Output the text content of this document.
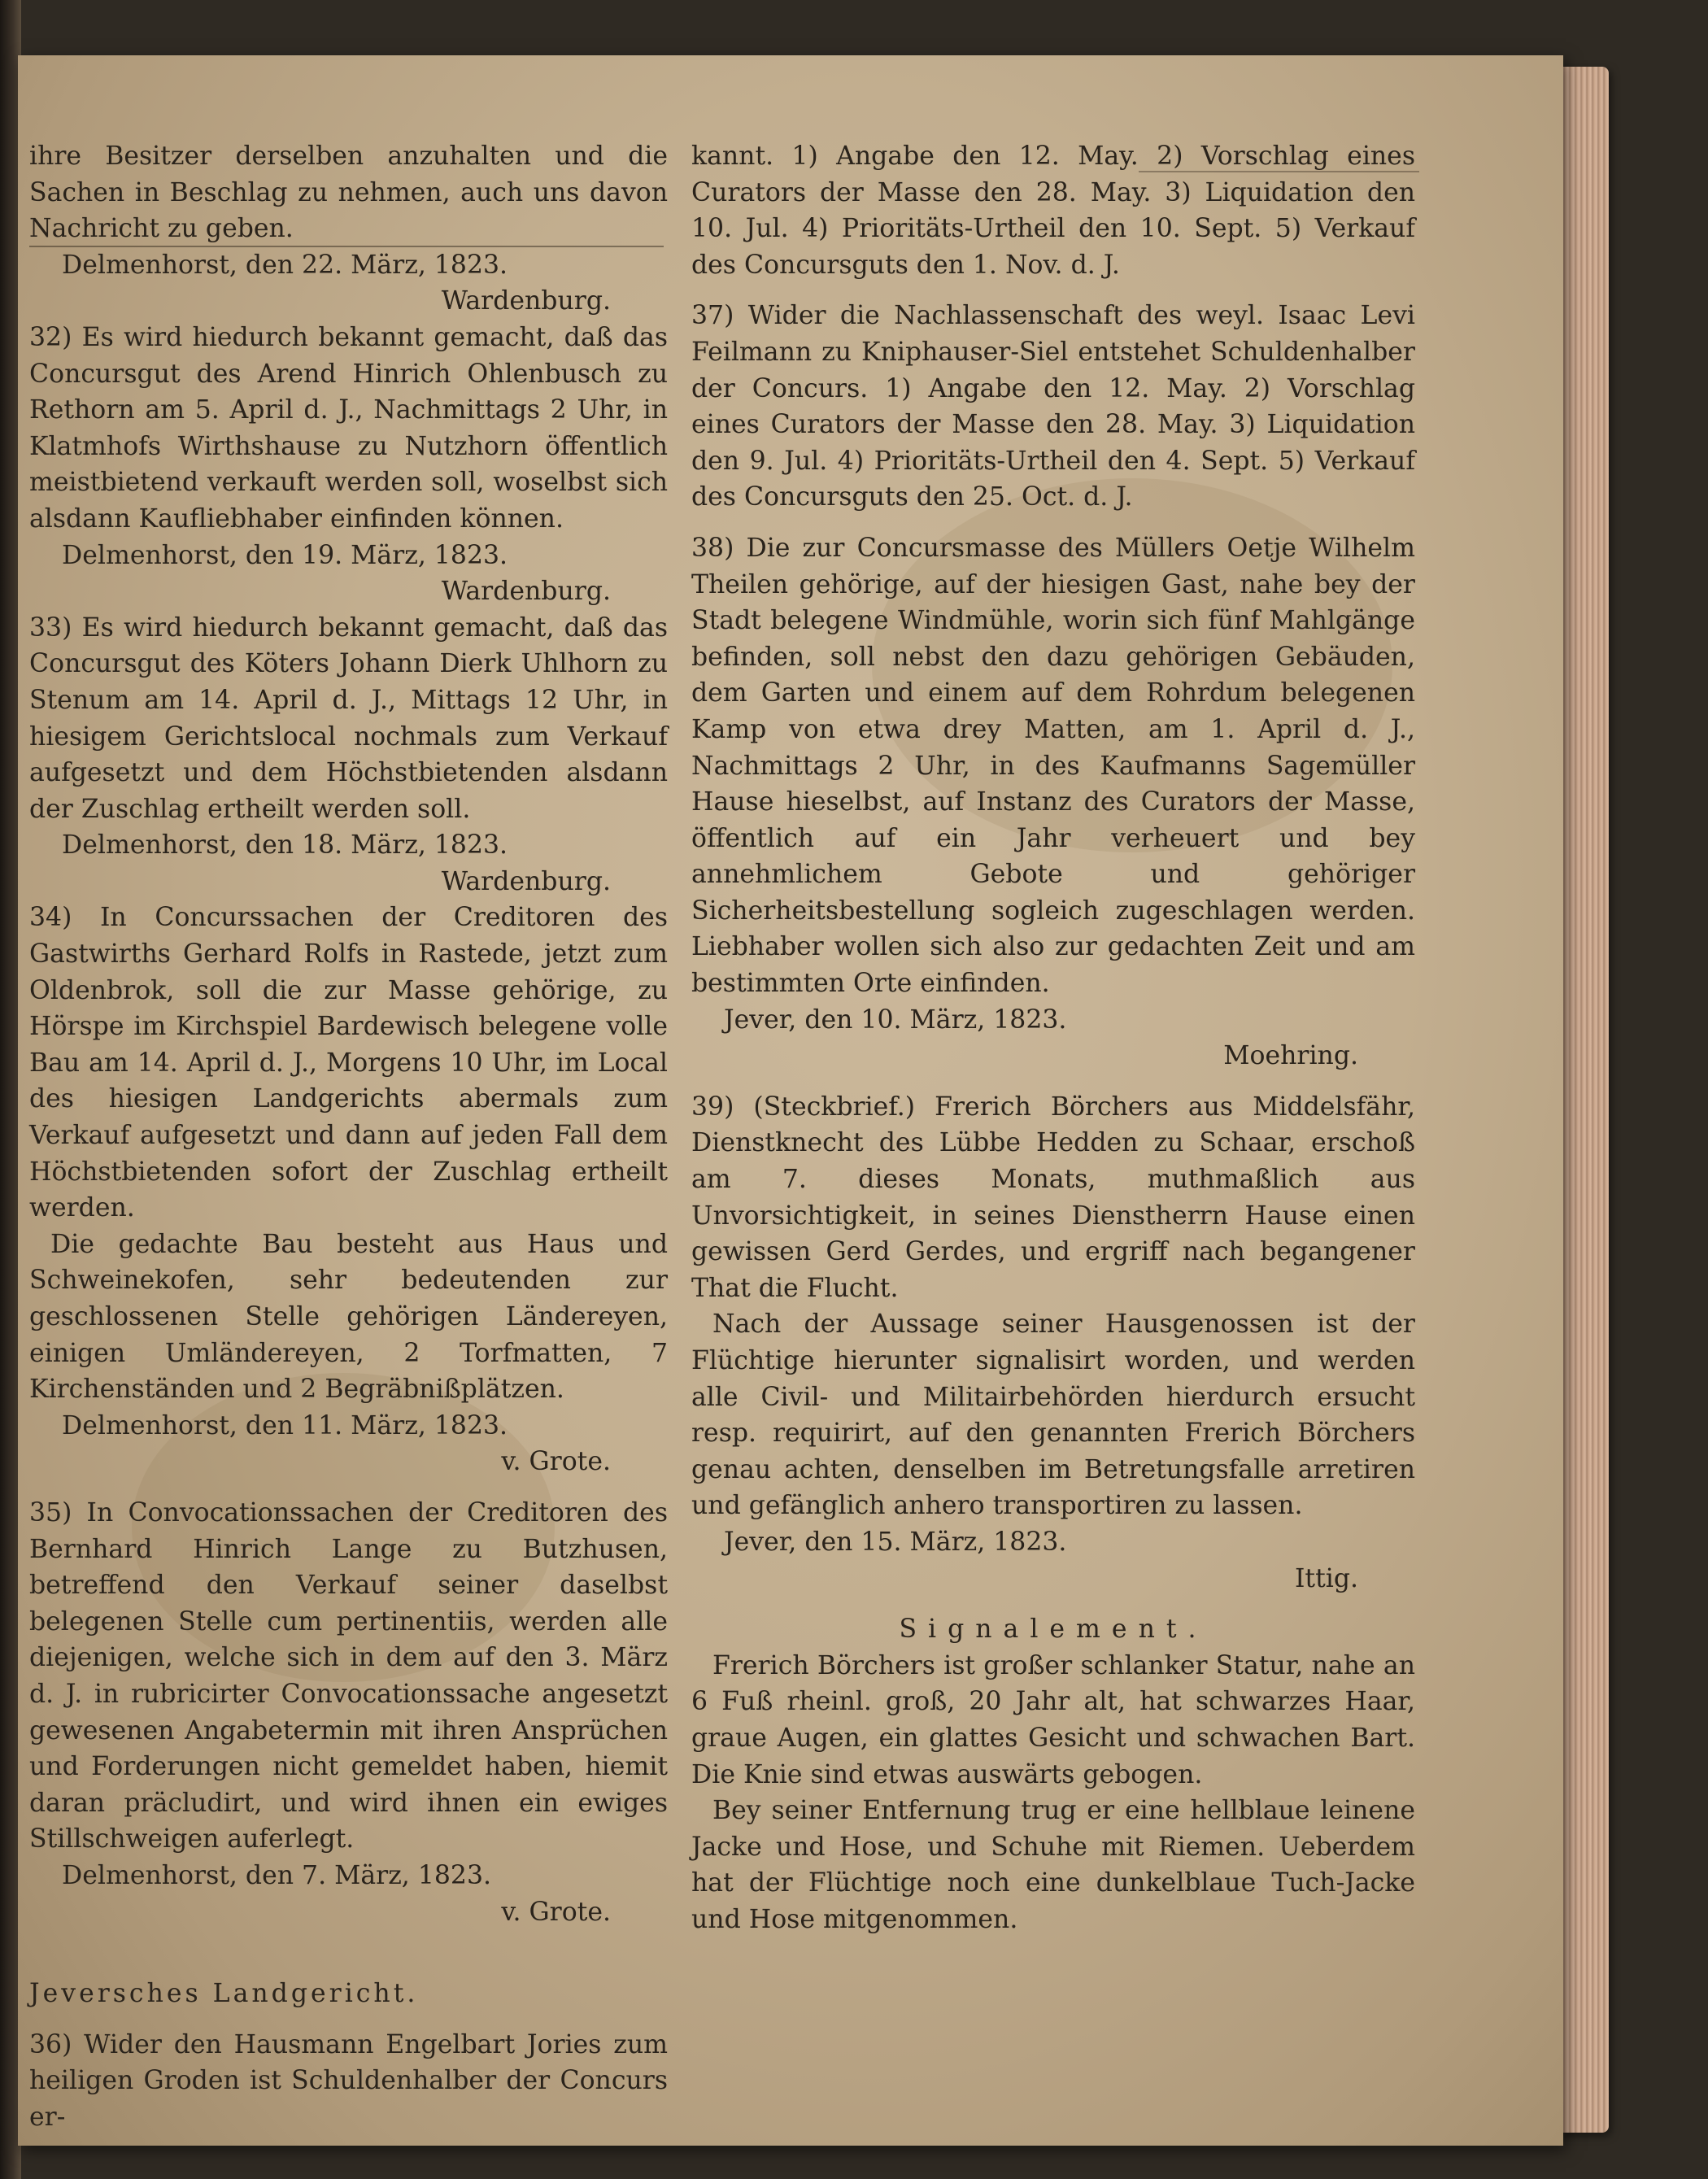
ihre Besitzer derselben anzuhalten und die Sachen in Beschlag zu nehmen, auch uns davon Nachricht zu geben.

Delmenhorst, den 22. März, 1823.

Wardenburg.

32) Es wird hiedurch bekannt gemacht, daß das Concursgut des Arend Hinrich Ohlenbusch zu Rethorn am 5. April d. J., Nachmittags 2 Uhr, in Klatmhofs Wirthshause zu Nutzhorn öffentlich meistbietend verkauft werden soll, woselbst sich alsdann Kaufliebhaber einfinden können.

Delmenhorst, den 19. März, 1823.

Wardenburg.

33) Es wird hiedurch bekannt gemacht, daß das Concursgut des Köters Johann Dierk Uhlhorn zu Stenum am 14. April d. J., Mittags 12 Uhr, in hiesigem Gerichtslocal nochmals zum Verkauf aufgesetzt und dem Höchstbietenden alsdann der Zuschlag ertheilt werden soll.

Delmenhorst, den 18. März, 1823.

Wardenburg.

34) In Concurssachen der Creditoren des Gastwirths Gerhard Rolfs in Rastede, jetzt zum Oldenbrok, soll die zur Masse gehörige, zu Hörspe im Kirchspiel Bardewisch belegene volle Bau am 14. April d. J., Morgens 10 Uhr, im Local des hiesigen Landgerichts abermals zum Verkauf aufgesetzt und dann auf jeden Fall dem Höchstbietenden sofort der Zuschlag ertheilt werden.

Die gedachte Bau besteht aus Haus und Schweinekofen, sehr bedeutenden zur geschlossenen Stelle gehörigen Ländereyen, einigen Umländereyen, 2 Torfmatten, 7 Kirchenständen und 2 Begräbnißplätzen.

Delmenhorst, den 11. März, 1823.

v. Grote.

35) In Convocationssachen der Creditoren des Bernhard Hinrich Lange zu Butzhusen, betreffend den Verkauf seiner daselbst belegenen Stelle cum pertinentiis, werden alle diejenigen, welche sich in dem auf den 3. März d. J. in rubricirter Convocationssache angesetzt gewesenen Angabetermin mit ihren Ansprüchen und Forderungen nicht gemeldet haben, hiemit daran präcludirt, und wird ihnen ein ewiges Stillschweigen auferlegt.

Delmenhorst, den 7. März, 1823.

v. Grote.

Jeversches Landgericht.

36) Wider den Hausmann Engelbart Jories zum heiligen Groden ist Schuldenhalber der Concurs er-

kannt. 1) Angabe den 12. May. 2) Vorschlag eines Curators der Masse den 28. May. 3) Liquidation den 10. Jul. 4) Prioritäts-Urtheil den 10. Sept. 5) Verkauf des Concursguts den 1. Nov. d. J.

37) Wider die Nachlassenschaft des weyl. Isaac Levi Feilmann zu Kniphauser-Siel entstehet Schuldenhalber der Concurs. 1) Angabe den 12. May. 2) Vorschlag eines Curators der Masse den 28. May. 3) Liquidation den 9. Jul. 4) Prioritäts-Urtheil den 4. Sept. 5) Verkauf des Concursguts den 25. Oct. d. J.

38) Die zur Concursmasse des Müllers Oetje Wilhelm Theilen gehörige, auf der hiesigen Gast, nahe bey der Stadt belegene Windmühle, worin sich fünf Mahlgänge befinden, soll nebst den dazu gehörigen Gebäuden, dem Garten und einem auf dem Rohrdum belegenen Kamp von etwa drey Matten, am 1. April d. J., Nachmittags 2 Uhr, in des Kaufmanns Sagemüller Hause hieselbst, auf Instanz des Curators der Masse, öffentlich auf ein Jahr verheuert und bey annehmlichem Gebote und gehöriger Sicherheitsbestellung sogleich zugeschlagen werden. Liebhaber wollen sich also zur gedachten Zeit und am bestimmten Orte einfinden.

Jever, den 10. März, 1823.

Moehring.

39) (Steckbrief.) Frerich Börchers aus Middelsfähr, Dienstknecht des Lübbe Hedden zu Schaar, erschoß am 7. dieses Monats, muthmaßlich aus Unvorsichtigkeit, in seines Dienstherrn Hause einen gewissen Gerd Gerdes, und ergriff nach begangener That die Flucht.

Nach der Aussage seiner Hausgenossen ist der Flüchtige hierunter signalisirt worden, und werden alle Civil- und Militairbehörden hierdurch ersucht resp. requirirt, auf den genannten Frerich Börchers genau achten, denselben im Betretungsfalle arretiren und gefänglich anhero transportiren zu lassen.

Jever, den 15. März, 1823.

Ittig.

Signalement.

Frerich Börchers ist großer schlanker Statur, nahe an 6 Fuß rheinl. groß, 20 Jahr alt, hat schwarzes Haar, graue Augen, ein glattes Gesicht und schwachen Bart. Die Knie sind etwas auswärts gebogen.

Bey seiner Entfernung trug er eine hellblaue leinene Jacke und Hose, und Schuhe mit Riemen. Ueberdem hat der Flüchtige noch eine dunkelblaue Tuch-Jacke und Hose mitgenommen.
